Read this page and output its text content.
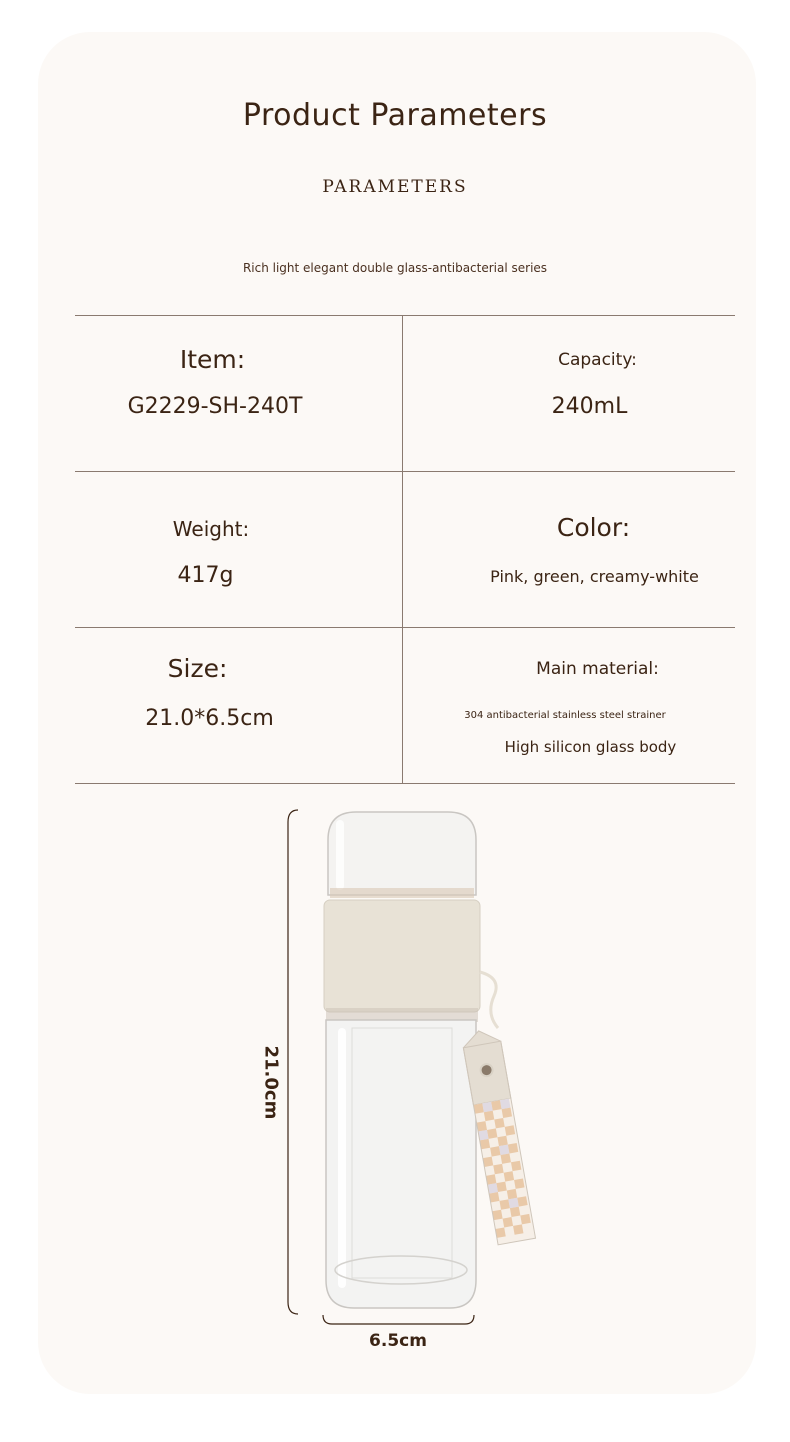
Product Parameters
PARAMETERS
Rich light elegant double glass-antibacterial series
Item:
G2229-SH-240T
Capacity:
240mL
Weight:
417g
Color:
Pink, green, creamy-white
Size:
21.0*6.5cm
Main material:
304 antibacterial stainless steel strainer
High silicon glass body
21.0cm
6.5cm
